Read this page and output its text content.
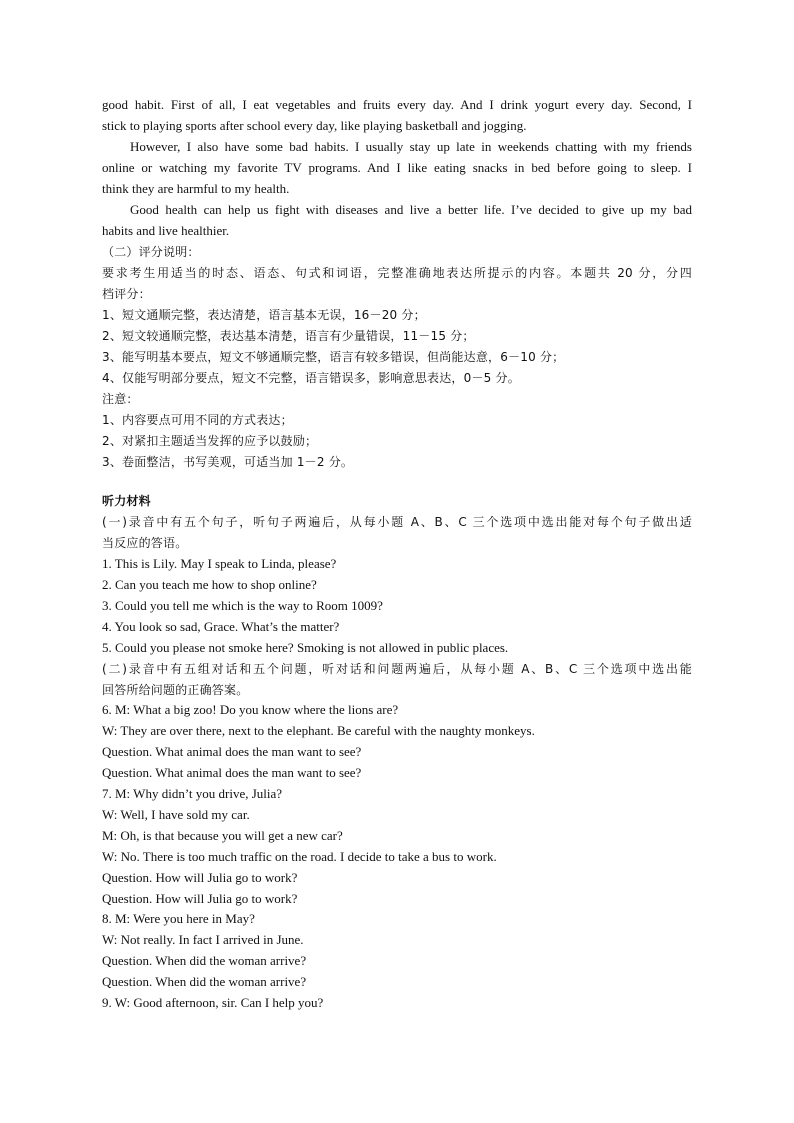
good habit. First of all, I eat vegetables and fruits every day. And I drink yogurt every day. Second, I
stick to playing sports after school every day, like playing basketball and jogging.
However, I also have some bad habits. I usually stay up late in weekends chatting with my friends
online or watching my favorite TV programs. And I like eating snacks in bed before going to sleep. I
think they are harmful to my health.
Good health can help us fight with diseases and live a better life. I’ve decided to give up my bad
habits and live healthier.
（二）评分说明：
要求考生用适当的时态、语态、句式和词语，完整准确地表达所提示的内容。本题共 20 分，分四
档评分：
1、短文通顺完整，表达清楚，语言基本无误，16－20 分；
2、短文较通顺完整，表达基本清楚，语言有少量错误，11－15 分；
3、能写明基本要点，短文不够通顺完整，语言有较多错误，但尚能达意，6－10 分；
4、仅能写明部分要点，短文不完整，语言错误多，影响意思表达，0－5 分。
注意：
1、内容要点可用不同的方式表达；
2、对紧扣主题适当发挥的应予以鼓励；
3、卷面整洁，书写美观，可适当加 1－2 分。
听力材料
(一)录音中有五个句子，听句子两遍后，从每小题 A、B、C 三个选项中选出能对每个句子做出适
当反应的答语。
1. This is Lily. May I speak to Linda, please?
2. Can you teach me how to shop online?
3. Could you tell me which is the way to Room 1009?
4. You look so sad, Grace. What’s the matter?
5. Could you please not smoke here? Smoking is not allowed in public places.
(二)录音中有五组对话和五个问题，听对话和问题两遍后，从每小题 A、B、C 三个选项中选出能
回答所给问题的正确答案。
6. M: What a big zoo! Do you know where the lions are?
W: They are over there, next to the elephant. Be careful with the naughty monkeys.
Question. What animal does the man want to see?
Question. What animal does the man want to see?
7. M: Why didn’t you drive, Julia?
W: Well, I have sold my car.
M: Oh, is that because you will get a new car?
W: No. There is too much traffic on the road. I decide to take a bus to work.
Question. How will Julia go to work?
Question. How will Julia go to work?
8. M: Were you here in May?
W: Not really. In fact I arrived in June.
Question. When did the woman arrive?
Question. When did the woman arrive?
9. W: Good afternoon, sir. Can I help you?
